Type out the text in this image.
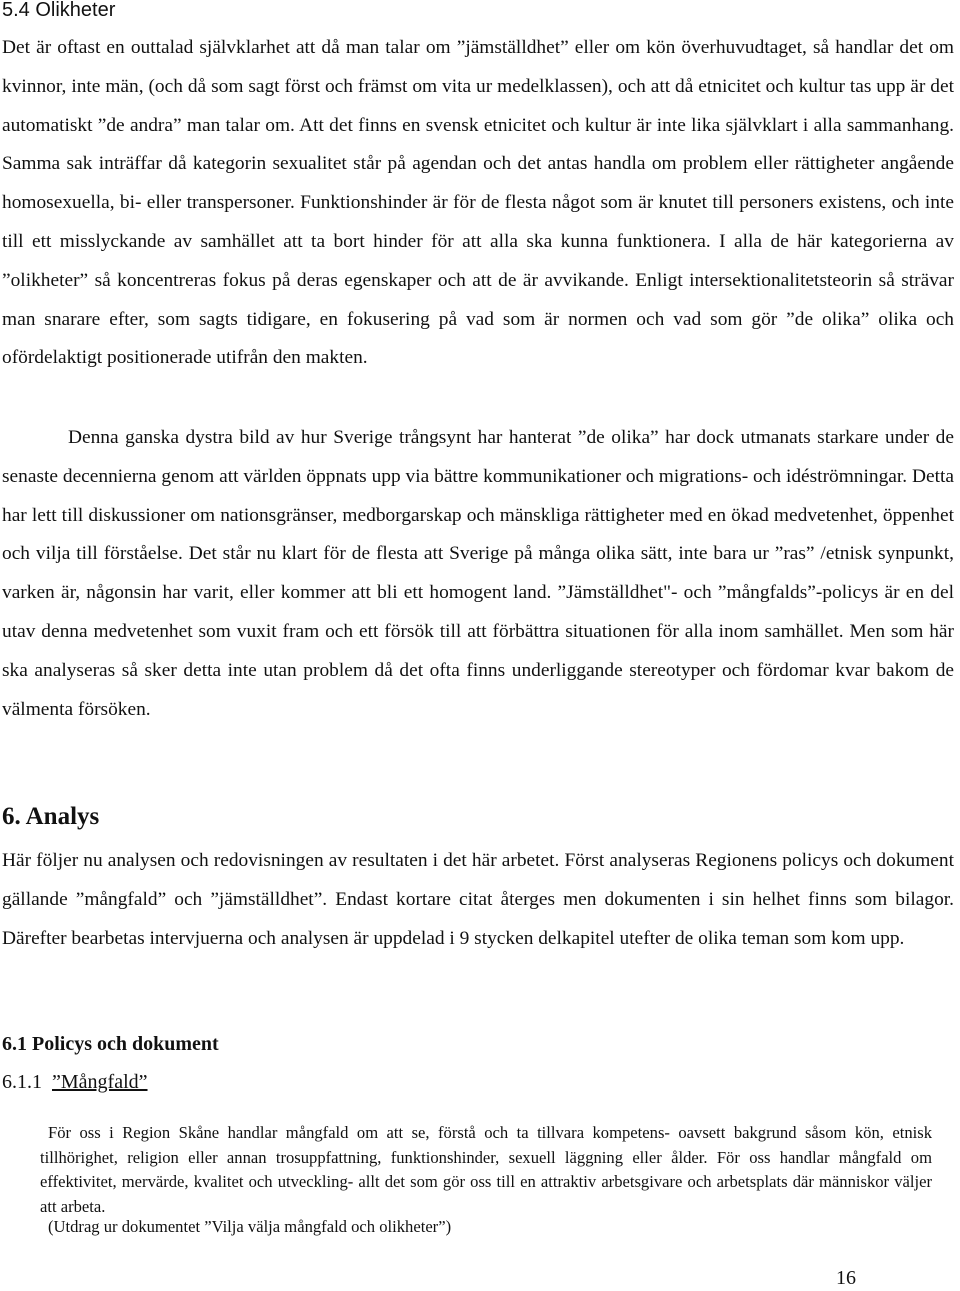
5.4 Olikheter

Det är oftast en outtalad självklarhet att då man talar om ”jämställdhet” eller om kön överhuvudtaget, så handlar det om kvinnor, inte män, (och då som sagt först och främst om vita ur medelklassen), och att då etnicitet och kultur tas upp är det automatiskt ”de andra” man talar om. Att det finns en svensk etnicitet och kultur är inte lika självklart i alla sammanhang. Samma sak inträffar då kategorin sexualitet står på agendan och det antas handla om problem eller rättigheter angående homosexuella, bi- eller transpersoner. Funktionshinder är för de flesta något som är knutet till personers existens, och inte till ett misslyckande av samhället att ta bort hinder för att alla ska kunna funktionera. I alla de här kategorierna av ”olikheter” så koncentreras fokus på deras egenskaper och att de är avvikande. Enligt intersektionalitetsteorin så strävar man snarare efter, som sagts tidigare, en fokusering på vad som är normen och vad som gör ”de olika” olika och ofördelaktigt positionerade utifrån den makten.

Denna ganska dystra bild av hur Sverige trångsynt har hanterat ”de olika” har dock utmanats starkare under de senaste decennierna genom att världen öppnats upp via bättre kommunikationer och migrations- och idéströmningar. Detta har lett till diskussioner om nationsgränser, medborgarskap och mänskliga rättigheter med en ökad medvetenhet, öppenhet och vilja till förståelse. Det står nu klart för de flesta att Sverige på många olika sätt, inte bara ur ”ras” /etnisk synpunkt, varken är, någonsin har varit, eller kommer att bli ett homogent land. ”Jämställdhet"- och ”mångfalds”-policys är en del utav denna medvetenhet som vuxit fram och ett försök till att förbättra situationen för alla inom samhället. Men som här ska analyseras så sker detta inte utan problem då det ofta finns underliggande stereotyper och fördomar kvar bakom de välmenta försöken.

6. Analys

Här följer nu analysen och redovisningen av resultaten i det här arbetet. Först analyseras Regionens policys och dokument gällande ”mångfald” och ”jämställdhet”. Endast kortare citat återges men dokumenten i sin helhet finns som bilagor. Därefter bearbetas intervjuerna och analysen är uppdelad i 9 stycken delkapitel utefter de olika teman som kom upp.

6.1 Policys och dokument
6.1.1 ”Mångfald”

För oss i Region Skåne handlar mångfald om att se, förstå och ta tillvara kompetens- oavsett bakgrund såsom kön, etnisk tillhörighet, religion eller annan trosuppfattning, funktionshinder, sexuell läggning eller ålder. För oss handlar mångfald om effektivitet, mervärde, kvalitet och utveckling- allt det som gör oss till en attraktiv arbetsgivare och arbetsplats där människor väljer att arbeta.

(Utdrag ur dokumentet ”Vilja välja mångfald och olikheter”)

16
